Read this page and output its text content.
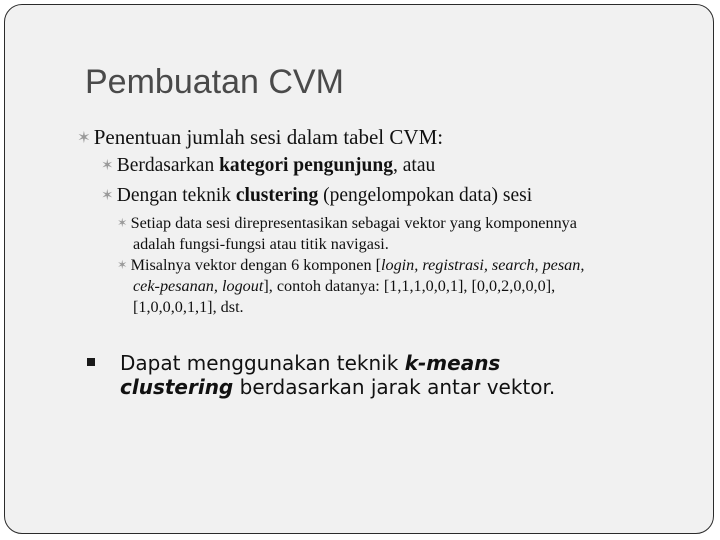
Pembuatan CVM
✶ Penentuan jumlah sesi dalam tabel CVM:
✶ Berdasarkan kategori pengunjung, atau
✶ Dengan teknik clustering (pengelompokan data) sesi
✶ Setiap data sesi direpresentasikan sebagai vektor yang komponennya
adalah fungsi-fungsi atau titik navigasi.
✶ Misalnya vektor dengan 6 komponen [login, registrasi, search, pesan,
cek-pesanan, logout], contoh datanya: [1,1,1,0,0,1], [0,0,2,0,0,0],
[1,0,0,0,1,1], dst.
Dapat menggunakan teknik k-means
clustering berdasarkan jarak antar vektor.
